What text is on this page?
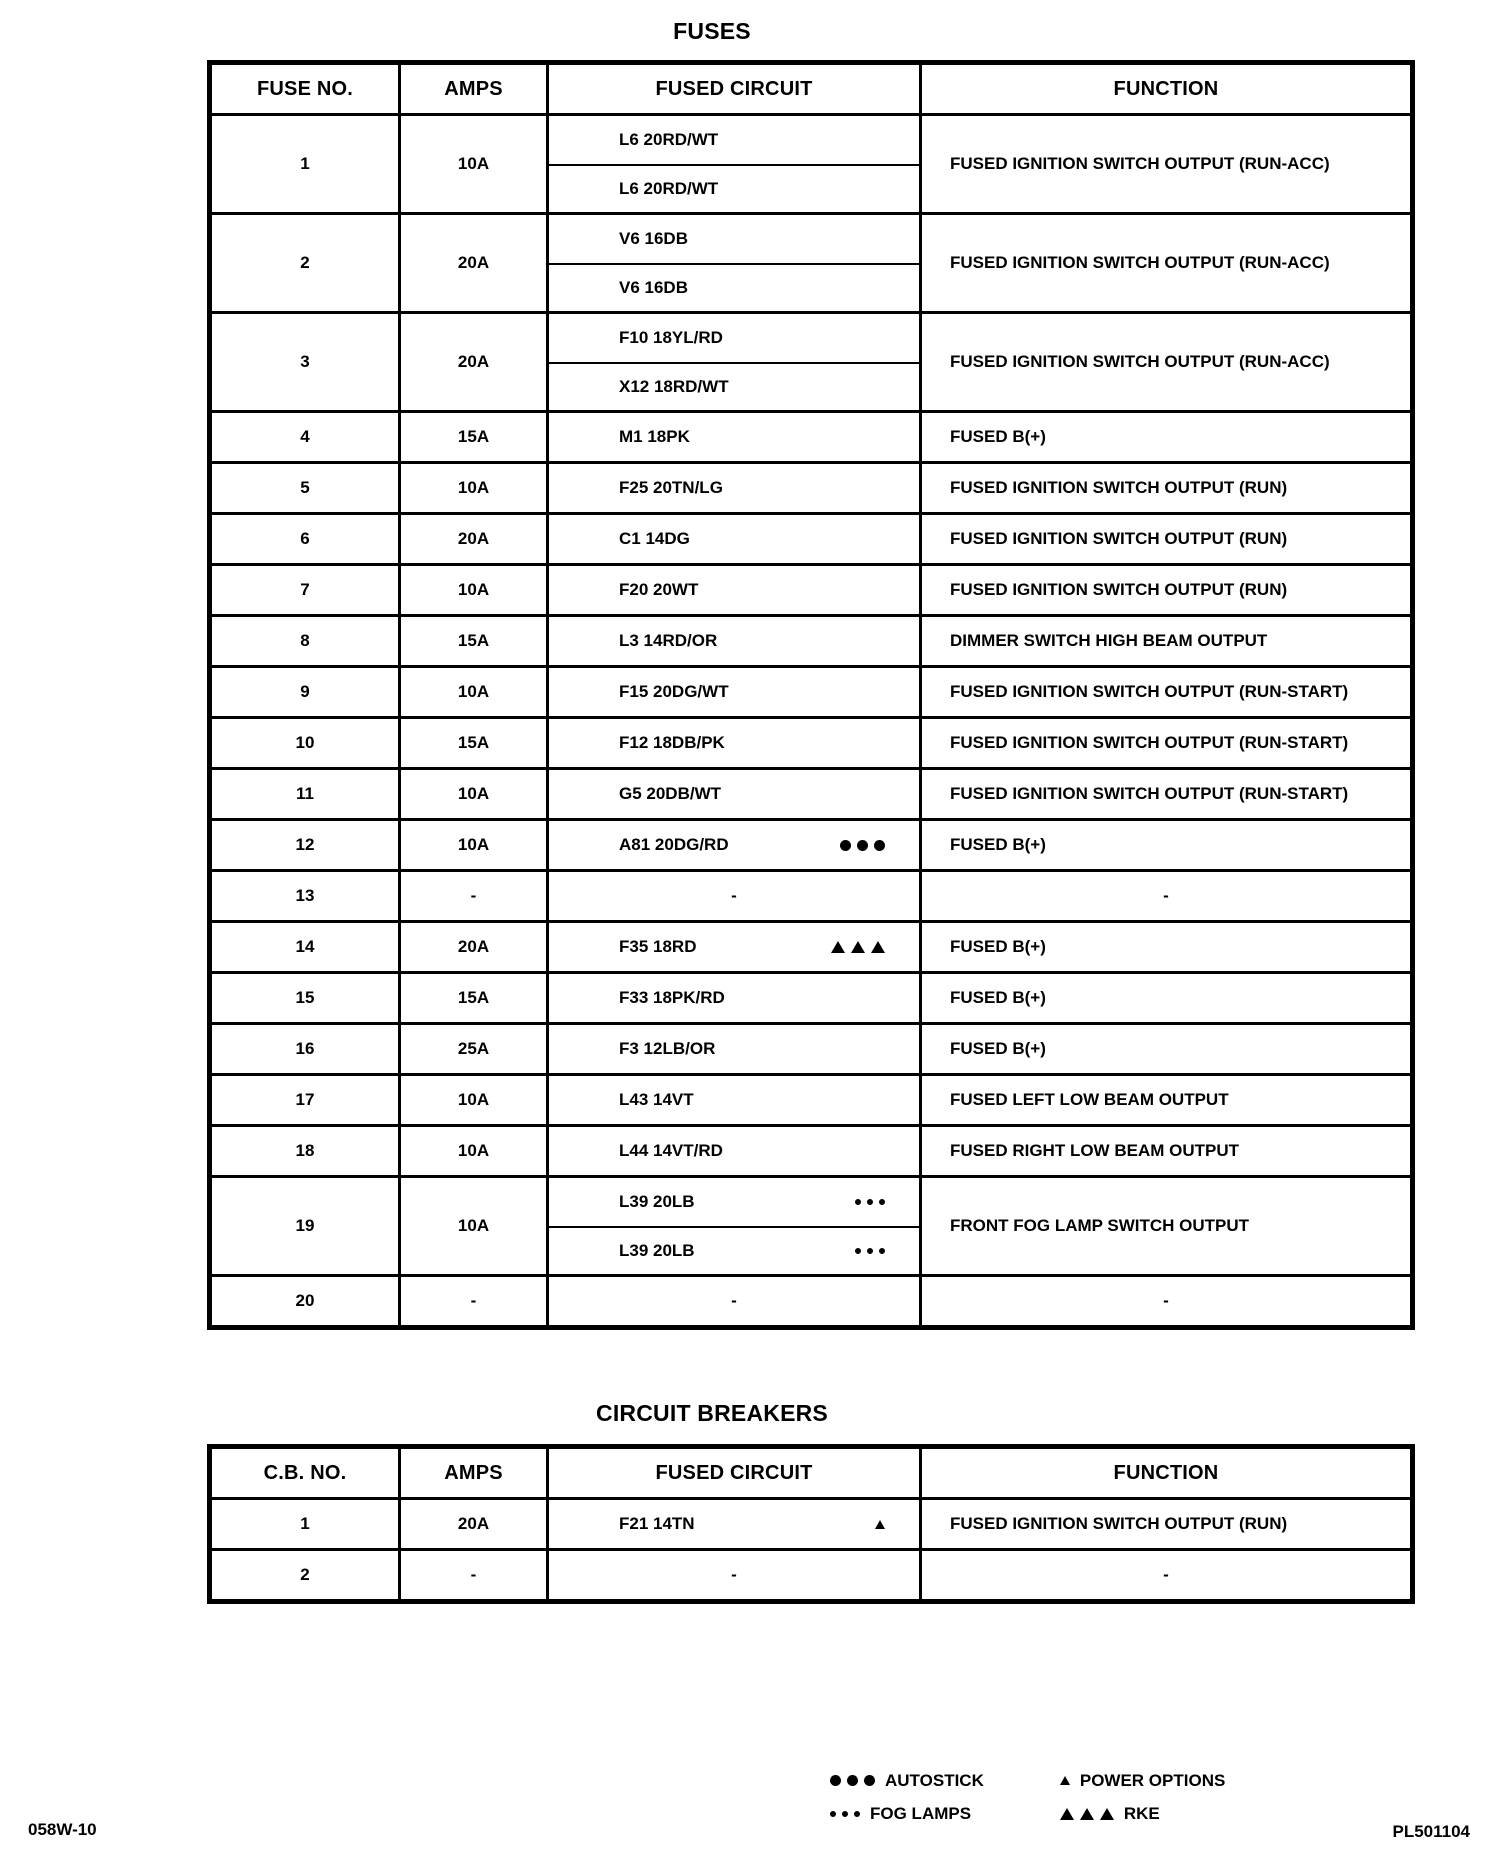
FUSES
FUSE NO.	AMPS	FUSED CIRCUIT	FUNCTION
1	10A	L6 20RD/WT
L6 20RD/WT	FUSED IGNITION SWITCH OUTPUT (RUN-ACC)
2	20A	V6 16DB
V6 16DB	FUSED IGNITION SWITCH OUTPUT (RUN-ACC)
3	20A	F10 18YL/RD
X12 18RD/WT	FUSED IGNITION SWITCH OUTPUT (RUN-ACC)
4	15A	M1 18PK	FUSED B(+)
5	10A	F25 20TN/LG	FUSED IGNITION SWITCH OUTPUT (RUN)
6	20A	C1 14DG	FUSED IGNITION SWITCH OUTPUT (RUN)
7	10A	F20 20WT	FUSED IGNITION SWITCH OUTPUT (RUN)
8	15A	L3 14RD/OR	DIMMER SWITCH HIGH BEAM OUTPUT
9	10A	F15 20DG/WT	FUSED IGNITION SWITCH OUTPUT (RUN-START)
10	15A	F12 18DB/PK	FUSED IGNITION SWITCH OUTPUT (RUN-START)
11	10A	G5 20DB/WT	FUSED IGNITION SWITCH OUTPUT (RUN-START)
12	10A	A81 20DG/RD	FUSED B(+)
13	-	-	-
14	20A	F35 18RD	FUSED B(+)
15	15A	F33 18PK/RD	FUSED B(+)
16	25A	F3 12LB/OR	FUSED B(+)
17	10A	L43 14VT	FUSED LEFT LOW BEAM OUTPUT
18	10A	L44 14VT/RD	FUSED RIGHT LOW BEAM OUTPUT
19	10A	L39 20LB
L39 20LB	FRONT FOG LAMP SWITCH OUTPUT
20	-	-	-
CIRCUIT BREAKERS
C.B. NO.	AMPS	FUSED CIRCUIT	FUNCTION
1	20A	F21 14TN	FUSED IGNITION SWITCH OUTPUT (RUN)
2	-	-	-
AUTOSTICK
FOG LAMPS
POWER OPTIONS
RKE
058W-10	PL501104
